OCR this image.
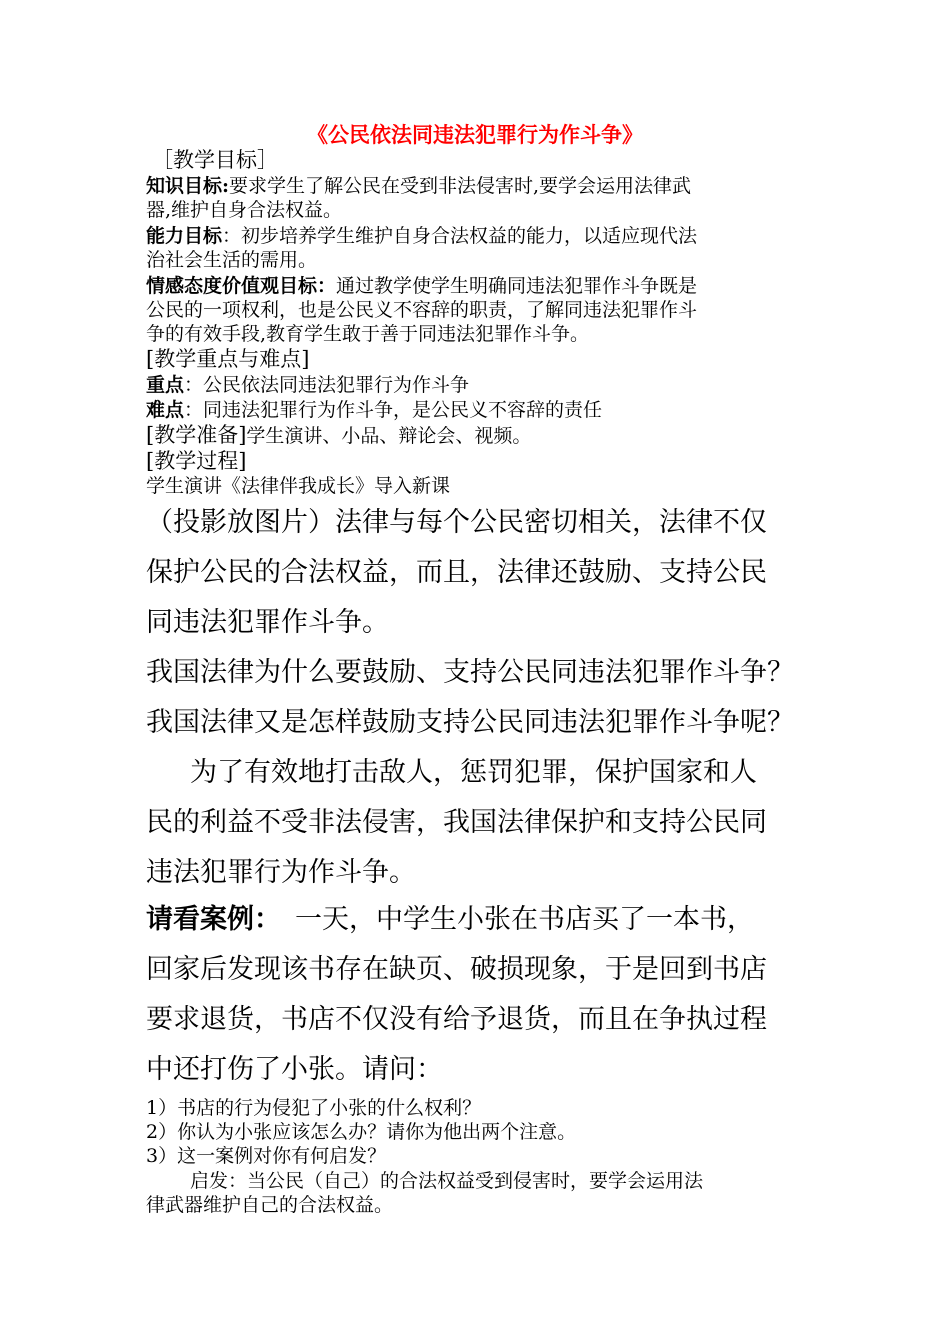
《公民依法同违法犯罪行为作斗争》
［教学目标］
知识目标:要求学生了解公民在受到非法侵害时,要学会运用法律武
器,维护自身合法权益。
能力目标：初步培养学生维护自身合法权益的能力，以适应现代法
治社会生活的需用。
情感态度价值观目标：通过教学使学生明确同违法犯罪作斗争既是
公民的一项权利，也是公民义不容辞的职责，了解同违法犯罪作斗
争的有效手段,教育学生敢于善于同违法犯罪作斗争。
[教学重点与难点]
重点：公民依法同违法犯罪行为作斗争
难点：同违法犯罪行为作斗争，是公民义不容辞的责任
[教学准备]学生演讲、小品、辩论会、视频。
[教学过程]
学生演讲《法律伴我成长》导入新课

（投影放图片）法律与每个公民密切相关，法律不仅

保护公民的合法权益，而且，法律还鼓励、支持公民

同违法犯罪作斗争。

我国法律为什么要鼓励、支持公民同违法犯罪作斗争？

我国法律又是怎样鼓励支持公民同违法犯罪作斗争呢？

为了有效地打击敌人，惩罚犯罪，保护国家和人

民的利益不受非法侵害，我国法律保护和支持公民同

违法犯罪行为作斗争。

请看案例： 一天，中学生小张在书店买了一本书，

回家后发现该书存在缺页、破损现象，于是回到书店

要求退货，书店不仅没有给予退货，而且在争执过程

中还打伤了小张。请问：

1）书店的行为侵犯了小张的什么权利？
2）你认为小张应该怎么办？请你为他出两个注意。
3）这一案例对你有何启发？
启发：当公民（自己）的合法权益受到侵害时，要学会运用法
律武器维护自己的合法权益。
